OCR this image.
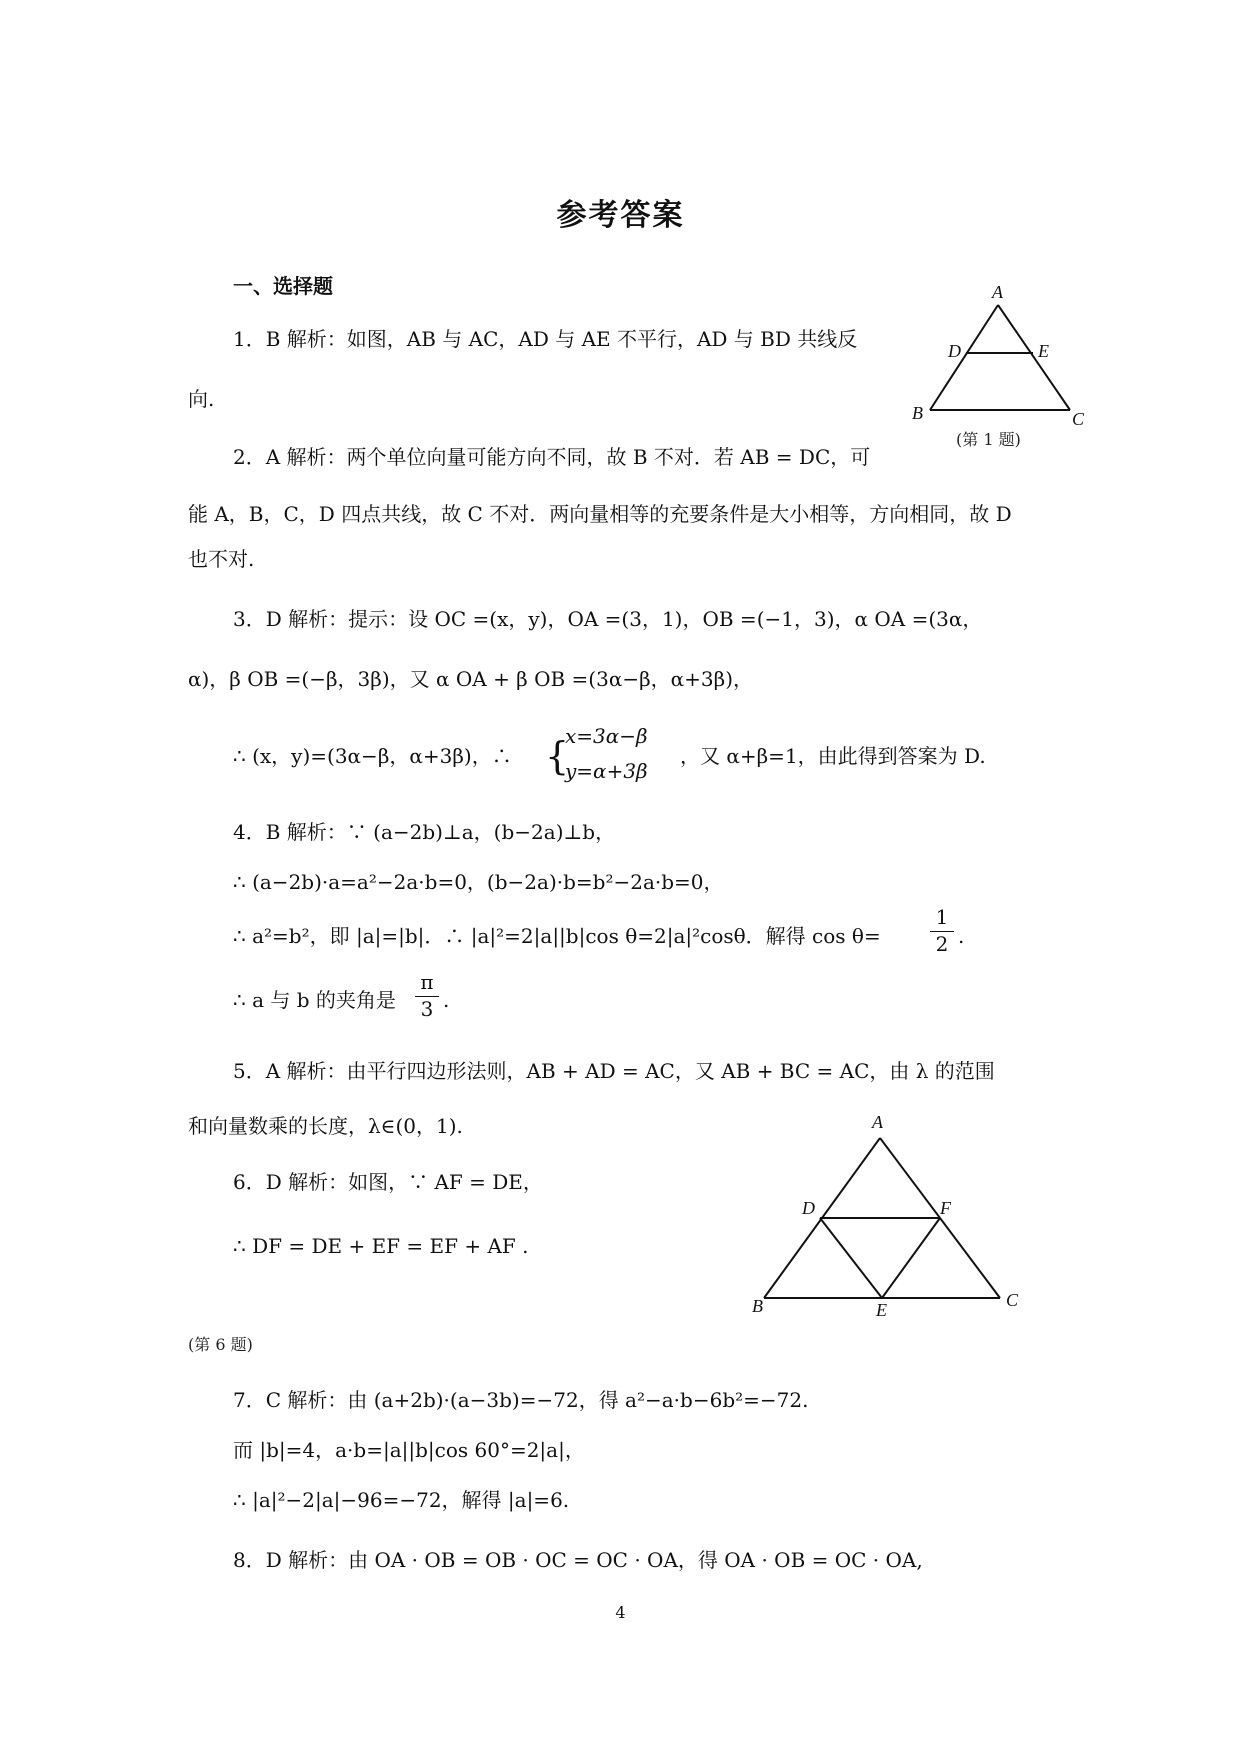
参考答案
一、选择题
1．B 解析：如图，AB 与 AC，AD 与 AE 不平行，AD 与 BD 共线反
向.
A
D	E
B	C
(第 1 题)
2．A 解析：两个单位向量可能方向不同，故 B 不对．若 AB = DC，可
能 A，B，C，D 四点共线，故 C 不对．两向量相等的充要条件是大小相等，方向相同，故 D
也不对.
3．D 解析：提示：设 OC =(x，y)，OA =(3，1)，OB =(−1，3)，α OA =(3α，
α)，β OB =(−β，3β)，又 α OA + β OB =(3α−β，α+3β)，
∴ (x，y)=(3α−β，α+3β)，∴ {
x=3α−β
y=α+3β
，又 α+β=1，由此得到答案为 D.
4．B 解析：∵ (a−2b)⊥a，(b−2a)⊥b，
∴ (a−2b)·a=a²−2a·b=0，(b−2a)·b=b²−2a·b=0，
∴ a²=b²，即 |a|=|b|．∴ |a|²=2|a||b|cos θ=2|a|²cosθ．解得 $\cos \theta= \frac{1}{2}$ .
∴ a 与 b 的夹角是 $\frac{\pi}{3}$ .
5．A 解析：由平行四边形法则，AB + AD = AC，又 AB + BC = AC，由 λ 的范围
和向量数乘的长度，λ∈(0，1).
6．D 解析：如图，∵ AF = DE，
∴ DF = DE + EF = EF + AF .
A
D	F
B	E	C
(第 6 题)
7．C 解析：由 (a+2b)·(a−3b)=−72，得 a²−a·b−6b²=−72.
而 |b|=4，a·b=|a||b|cos 60°=2|a|，
∴ |a|²−2|a|−96=−72，解得 |a|=6.
8．D 解析：由 OA · OB = OB · OC = OC · OA，得 OA · OB = OC · OA,
4
